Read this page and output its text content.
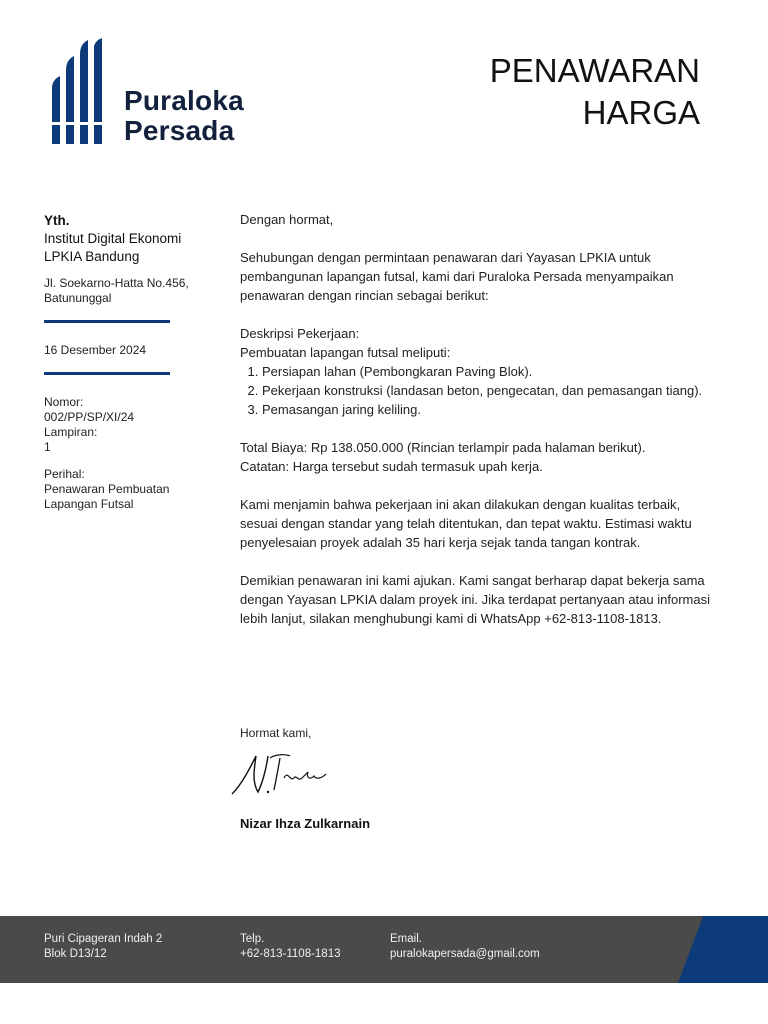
Puraloka
Persada
PENAWARAN
HARGA
Yth.
Institut Digital Ekonomi
LPKIA Bandung
Jl. Soekarno-Hatta No.456,
Batununggal
16 Desember 2024
Nomor:
002/PP/SP/XI/24
Lampiran:
1
Perihal:
Penawaran Pembuatan
Lapangan Futsal

Dengan hormat,

Sehubungan dengan permintaan penawaran dari Yayasan LPKIA untuk pembangunan lapangan futsal, kami dari Puraloka Persada menyampaikan penawaran dengan rincian sebagai berikut:

Deskripsi Pekerjaan:
Pembuatan lapangan futsal meliputi:
1. Persiapan lahan (Pembongkaran Paving Blok).
2. Pekerjaan konstruksi (landasan beton, pengecatan, dan pemasangan tiang).
3. Pemasangan jaring keliling.
Total Biaya: Rp 138.050.000 (Rincian terlampir pada halaman berikut).

Catatan: Harga tersebut sudah termasuk upah kerja.

Kami menjamin bahwa pekerjaan ini akan dilakukan dengan kualitas terbaik, sesuai dengan standar yang telah ditentukan, dan tepat waktu. Estimasi waktu penyelesaian proyek adalah 35 hari kerja sejak tanda tangan kontrak.

Demikian penawaran ini kami ajukan. Kami sangat berharap dapat bekerja sama dengan Yayasan LPKIA dalam proyek ini. Jika terdapat pertanyaan atau informasi lebih lanjut, silakan menghubungi kami di WhatsApp +62-813-1108-1813.

Hormat kami,
Nizar Ihza Zulkarnain
Puri Cipageran Indah 2
Blok D13/12
Telp.
+62-813-1108-1813
Email.
puralokapersada@gmail.com
